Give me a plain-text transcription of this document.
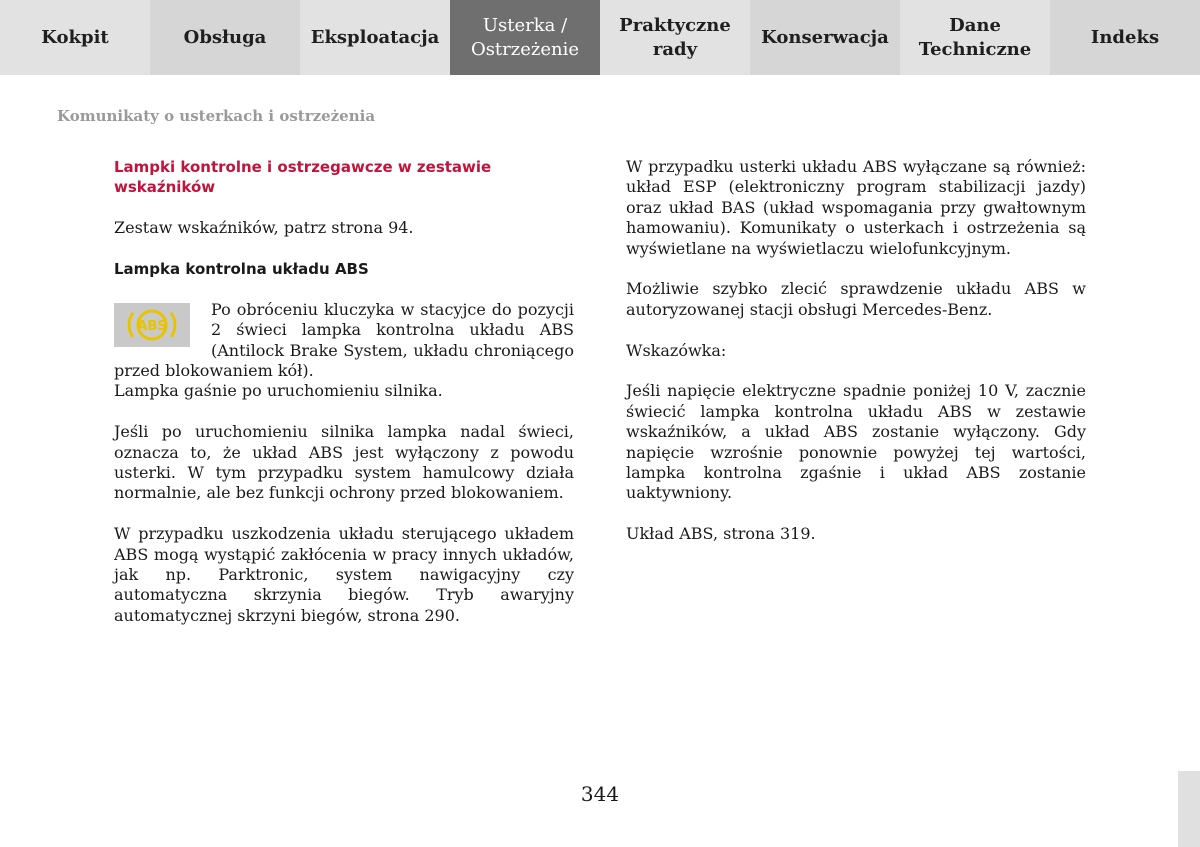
Kokpit	Obsługa	Eksploatacja
Usterka /
Ostrzeżenie
Praktyczne
rady
Konserwacja
Dane
Techniczne
Indeks
Komunikaty o usterkach i ostrzeżenia
Lampki kontrolne i ostrzegawcze w zestawie wskaźników

Zestaw wskaźników, patrz strona 94.

Lampka kontrolna układu ABS
ABS
Po obróceniu kluczyka w stacyjce do pozycji 2 świeci lampka kontrolna układu ABS (Antilock Brake System, układu chroniącego przed blokowaniem kół).
Lampka gaśnie po uruchomieniu silnika.

Jeśli po uruchomieniu silnika lampka nadal świeci, oznacza to, że układ ABS jest wyłączony z powodu usterki. W tym przypadku system hamulcowy działa normalnie, ale bez funkcji ochrony przed blokowaniem.

W przypadku uszkodzenia układu sterującego układem ABS mogą wystąpić zakłócenia w pracy innych układów, jak np. Parktronic, system nawigacyjny czy automatyczna skrzynia biegów. Tryb awaryjny automatycznej skrzyni biegów, strona 290.

W przypadku usterki układu ABS wyłączane są również: układ ESP (elektroniczny program stabilizacji jazdy) oraz układ BAS (układ wspomagania przy gwałtownym hamowaniu). Komunikaty o usterkach i ostrzeżenia są wyświetlane na wyświetlaczu wielofunkcyjnym.

Możliwie szybko zlecić sprawdzenie układu ABS w autoryzowanej stacji obsługi Mercedes-Benz.

Wskazówka:

Jeśli napięcie elektryczne spadnie poniżej 10 V, zacznie świecić lampka kontrolna układu ABS w zestawie wskaźników, a układ ABS zostanie wyłączony. Gdy napięcie wzrośnie ponownie powyżej tej wartości, lampka kontrolna zgaśnie i układ ABS zostanie uaktywniony.

Układ ABS, strona 319.

344
